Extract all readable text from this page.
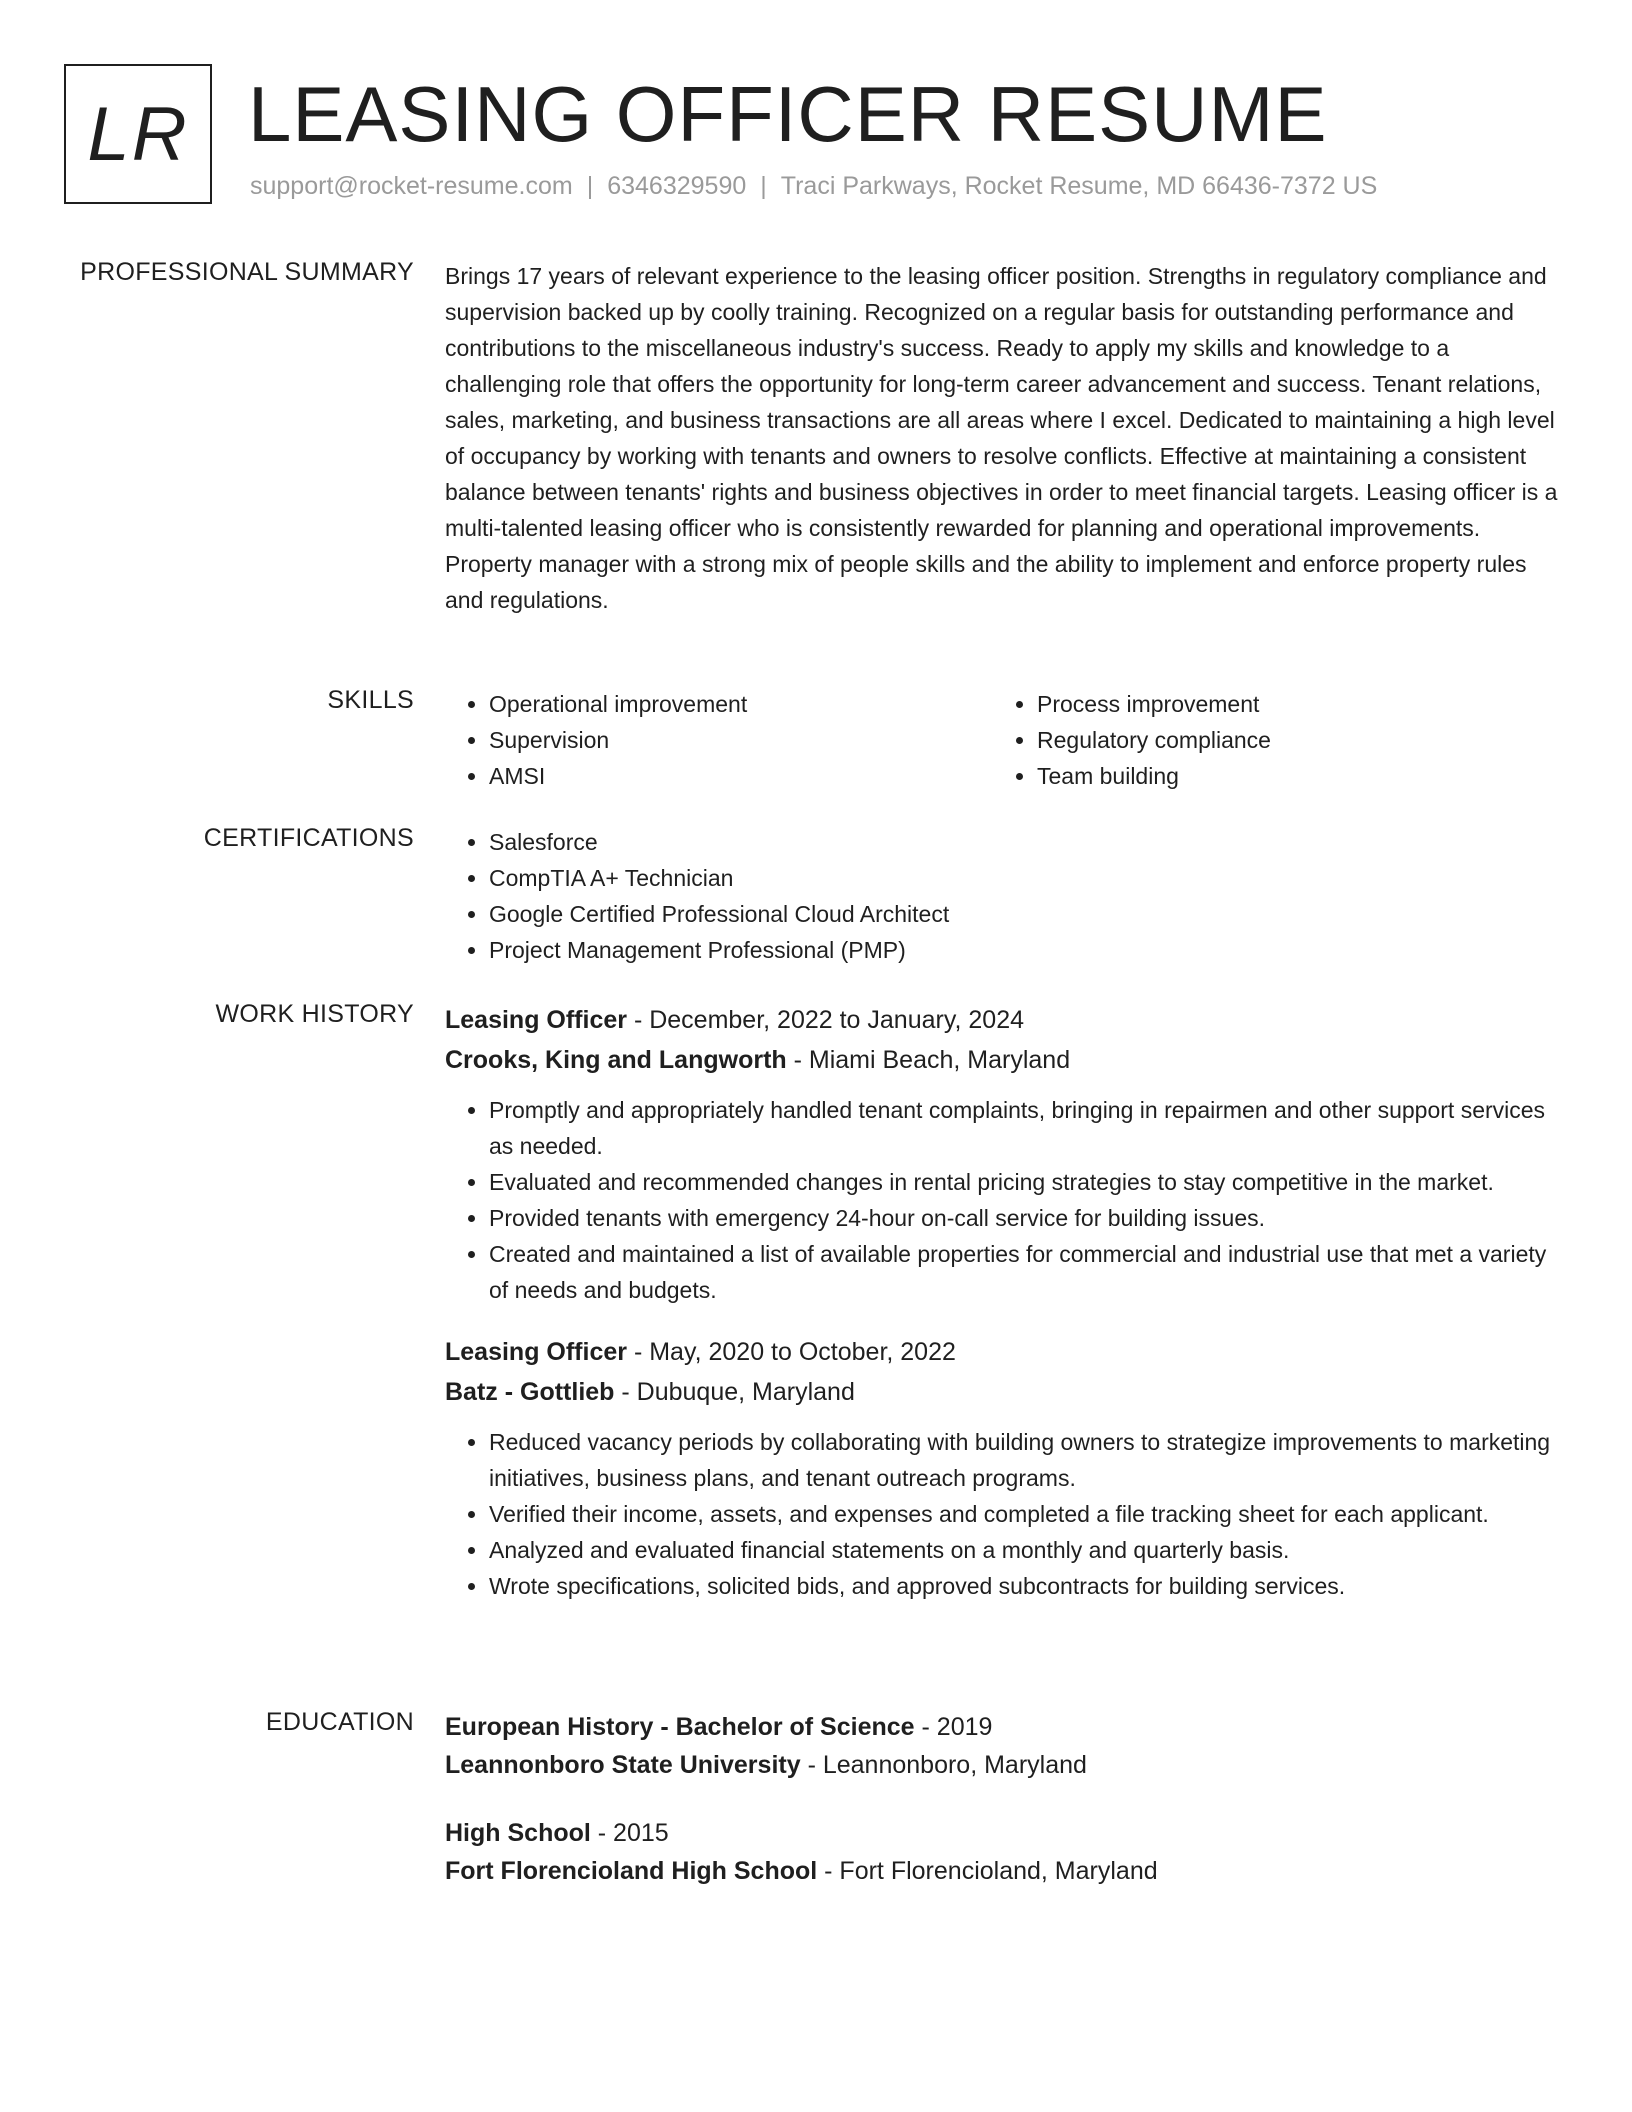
LR LEASING OFFICER RESUME
support@rocket-resume.com | 6346329590 | Traci Parkways, Rocket Resume, MD 66436-7372 US
PROFESSIONAL SUMMARY Brings 17 years of relevant experience to the leasing officer position. Strengths in regulatory compliance and supervision backed up by coolly training. Recognized on a regular basis for outstanding performance and contributions to the miscellaneous industry's success. Ready to apply my skills and knowledge to a challenging role that offers the opportunity for long-term career advancement and success. Tenant relations, sales, marketing, and business transactions are all areas where I excel. Dedicated to maintaining a high level of occupancy by working with tenants and owners to resolve conflicts. Effective at maintaining a consistent balance between tenants' rights and business objectives in order to meet financial targets. Leasing officer is a multi-talented leasing officer who is consistently rewarded for planning and operational improvements. Property manager with a strong mix of people skills and the ability to implement and enforce property rules and regulations.
SKILLS	• Operational improvement
• Supervision
• AMSI
• Process improvement
• Regulatory compliance
• Team building
CERTIFICATIONS	• Salesforce
• CompTIA A+ Technician
• Google Certified Professional Cloud Architect
• Project Management Professional (PMP)
WORK HISTORY Leasing Officer - December, 2022 to January, 2024
Crooks, King and Langworth - Miami Beach, Maryland
• Promptly and appropriately handled tenant complaints, bringing in repairmen and other support services as needed.
• Evaluated and recommended changes in rental pricing strategies to stay competitive in the market.
• Provided tenants with emergency 24-hour on-call service for building issues.
• Created and maintained a list of available properties for commercial and industrial use that met a variety of needs and budgets.
Leasing Officer - May, 2020 to October, 2022
Batz - Gottlieb - Dubuque, Maryland
• Reduced vacancy periods by collaborating with building owners to strategize improvements to marketing initiatives, business plans, and tenant outreach programs.
• Verified their income, assets, and expenses and completed a file tracking sheet for each applicant.
• Analyzed and evaluated financial statements on a monthly and quarterly basis.
• Wrote specifications, solicited bids, and approved subcontracts for building services.
EDUCATION European History - Bachelor of Science - 2019
Leannonboro State University - Leannonboro, Maryland
High School - 2015
Fort Florencioland High School - Fort Florencioland, Maryland
